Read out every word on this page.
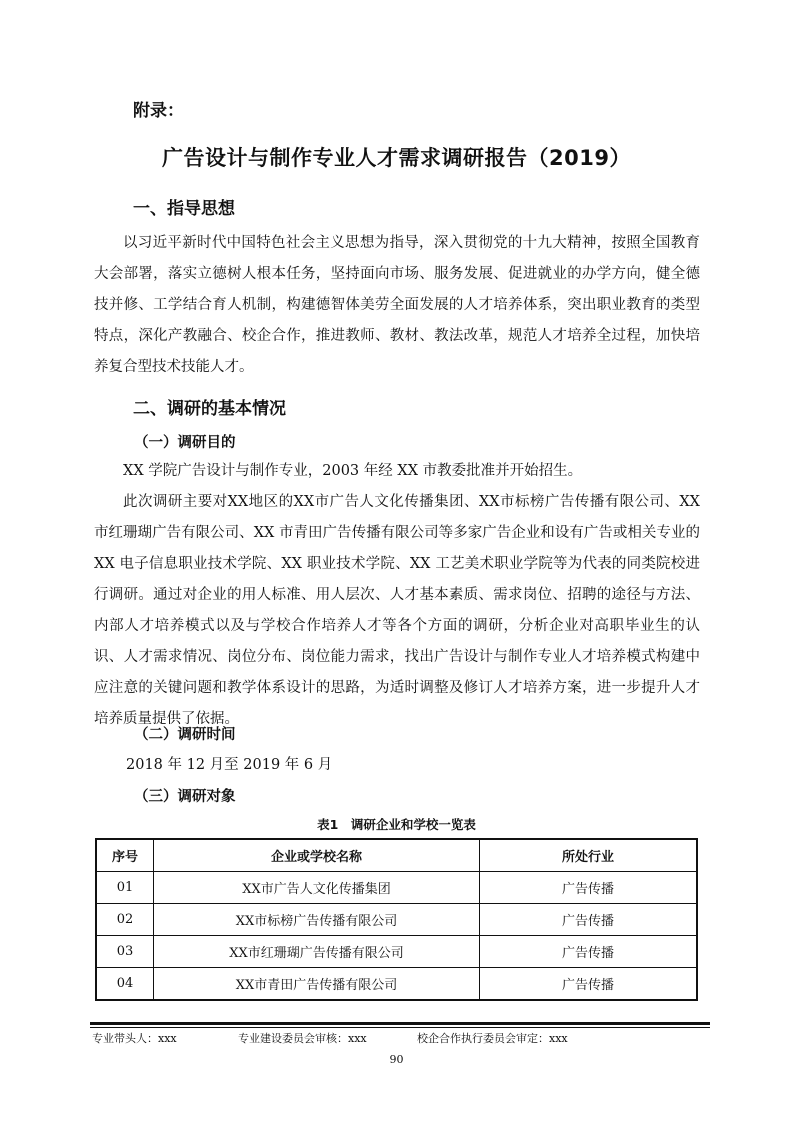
附录：
广告设计与制作专业人才需求调研报告（2019）
一、指导思想

以习近平新时代中国特色社会主义思想为指导，深入贯彻党的十九大精神，按照全国教育大会部署，落实立德树人根本任务，坚持面向市场、服务发展、促进就业的办学方向，健全德技并修、工学结合育人机制，构建德智体美劳全面发展的人才培养体系，突出职业教育的类型特点，深化产教融合、校企合作，推进教师、教材、教法改革，规范人才培养全过程，加快培养复合型技术技能人才。

二、调研的基本情况
（一）调研目的

XX 学院广告设计与制作专业，2003 年经 XX 市教委批准并开始招生。

此次调研主要对XX地区的XX市广告人文化传播集团、XX市标榜广告传播有限公司、XX 市红珊瑚广告有限公司、XX 市青田广告传播有限公司等多家广告企业和设有广告或相关专业的 XX 电子信息职业技术学院、XX 职业技术学院、XX 工艺美术职业学院等为代表的同类院校进行调研。通过对企业的用人标准、用人层次、人才基本素质、需求岗位、招聘的途径与方法、内部人才培养模式以及与学校合作培养人才等各个方面的调研，分析企业对高职毕业生的认识、人才需求情况、岗位分布、岗位能力需求，找出广告设计与制作专业人才培养模式构建中应注意的关键问题和教学体系设计的思路，为适时调整及修订人才培养方案，进一步提升人才培养质量提供了依据。

（二）调研时间
2018 年 12 月至 2019 年 6 月
（三）调研对象
表1　调研企业和学校一览表
序号	企业或学校名称	所处行业
01	XX市广告人文化传播集团	广告传播
02	XX市标榜广告传播有限公司	广告传播
03	XX市红珊瑚广告传播有限公司	广告传播
04	XX市青田广告传播有限公司	广告传播
专业带头人：xxx	专业建设委员会审核：xxx	校企合作执行委员会审定：xxx
90
